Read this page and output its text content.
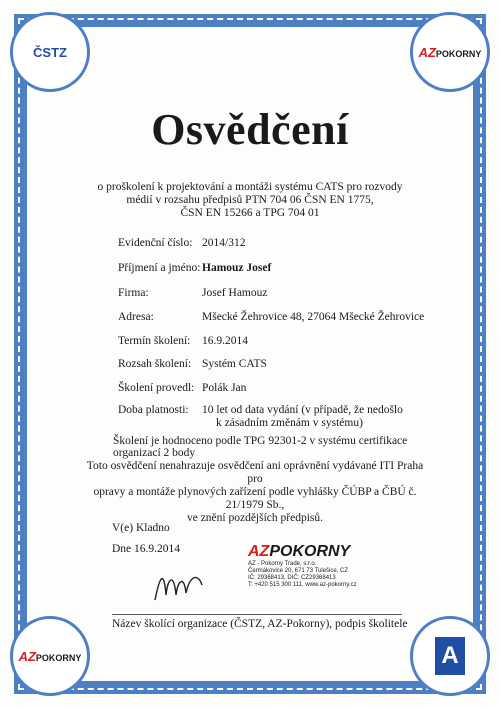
ČSTZ	AZPOKORNY
AZPOKORNY	A
Osvědčení
o proškolení k projektování a montáži systému CATS pro rozvody
médií v rozsahu předpisů PTN 704 06 ČSN EN 1775,
ČSN EN 15266 a TPG 704 01
Evidenční číslo: 2014/312
Příjmení a jméno: Hamouz Josef
Firma:	Josef Hamouz
Adresa:	Mšecké Žehrovice 48, 27064 Mšecké Žehrovice
Termín školení:	16.9.2014
Rozsah školení: Systém CATS
Školení provedl: Polák Jan
Doba platnosti:	10 let od data vydání (v případě, že nedošlo
k zásadním změnám v systému)
Školení je hodnoceno podle TPG 92301-2 v systému certifikace organizací 2 body
Toto osvědčení nenahrazuje osvědčení ani oprávnění vydávané ITI Praha pro
opravy a montáže plynových zařízení podle vyhlášky ČÚBP a ČBÚ č. 21/1979 Sb.,
ve znění pozdějších předpisů.
V(e) Kladno
Dne 16.9.2014	AZPOKORNY
AZ - Pokorny Trade, s.r.o.
Čermákovice 20, 671 73 Tulešice, CZ
IČ: 29368413, DIČ: CZ29368413
T: +420 515 300 111, www.az-pokorny.cz
Název školící organizace (ČSTZ, AZ-Pokorny), podpis školitele
